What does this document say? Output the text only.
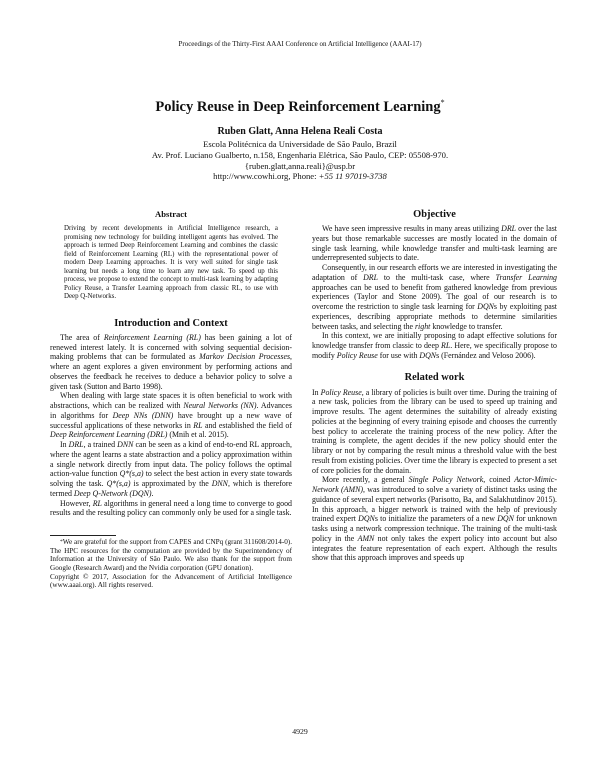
Proceedings of the Thirty-First AAAI Conference on Artificial Intelligence (AAAI-17)
Policy Reuse in Deep Reinforcement Learning*
Ruben Glatt, Anna Helena Reali Costa
Escola Politécnica da Universidade de São Paulo, Brazil
Av. Prof. Luciano Gualberto, n.158, Engenharia Elétrica, São Paulo, CEP: 05508-970.
{ruben.glatt,anna.reali}@usp.br
http://www.cowhi.org, Phone: +55 11 97019-3738
Abstract

Driving by recent developments in Artificial Intelligence research, a promising new technology for building intelligent agents has evolved. The approach is termed Deep Reinforcement Learning and combines the classic field of Reinforcement Learning (RL) with the representational power of modern Deep Learning approaches. It is very well suited for single task learning but needs a long time to learn any new task. To speed up this process, we propose to extend the concept to multi-task learning by adapting Policy Reuse, a Transfer Learning approach from classic RL, to use with Deep Q-Networks.

Introduction and Context

The area of Reinforcement Learning (RL) has been gaining a lot of renewed interest lately. It is concerned with solving sequential decision-making problems that can be formulated as Markov Decision Processes, where an agent explores a given environment by performing actions and observes the feedback he receives to deduce a behavior policy to solve a given task (Sutton and Barto 1998).

When dealing with large state spaces it is often beneficial to work with abstractions, which can be realized with Neural Networks (NN). Advances in algorithms for Deep NNs (DNN) have brought up a new wave of successful applications of these networks in RL and established the field of Deep Reinforcement Learning (DRL) (Mnih et al. 2015).

In DRL, a trained DNN can be seen as a kind of end-to-end RL approach, where the agent learns a state abstraction and a policy approximation within a single network directly from input data. The policy follows the optimal action-value function Q*(s,a) to select the best action in every state towards solving the task. Q*(s,a) is approximated by the DNN, which is therefore termed Deep Q-Network (DQN).

However, RL algorithms in general need a long time to converge to good results and the resulting policy can commonly only be used for a single task.

*We are grateful for the support from CAPES and CNPq (grant 311608/2014-0). The HPC resources for the computation are provided by the Superintendency of Information at the University of São Paulo. We also thank for the support from Google (Research Award) and the Nvidia corporation (GPU donation).

Copyright © 2017, Association for the Advancement of Artificial Intelligence (www.aaai.org). All rights reserved.

Objective

We have seen impressive results in many areas utilizing DRL over the last years but those remarkable successes are mostly located in the domain of single task learning, while knowledge transfer and multi-task learning are underrepresented subjects to date.

Consequently, in our research efforts we are interested in investigating the adaptation of DRL to the multi-task case, where Transfer Learning approaches can be used to benefit from gathered knowledge from previous experiences (Taylor and Stone 2009). The goal of our research is to overcome the restriction to single task learning for DQNs by exploiting past experiences, describing appropriate methods to determine similarities between tasks, and selecting the right knowledge to transfer.

In this context, we are initially proposing to adapt effective solutions for knowledge transfer from classic to deep RL. Here, we specifically propose to modify Policy Reuse for use with DQNs (Fernández and Veloso 2006).

Related work

In Policy Reuse, a library of policies is built over time. During the training of a new task, policies from the library can be used to speed up training and improve results. The agent determines the suitability of already existing policies at the beginning of every training episode and chooses the currently best policy to accelerate the training process of the new policy. After the training is complete, the agent decides if the new policy should enter the library or not by comparing the result minus a threshold value with the best result from existing policies. Over time the library is expected to present a set of core policies for the domain.

More recently, a general Single Policy Network, coined Actor-Mimic-Network (AMN), was introduced to solve a variety of distinct tasks using the guidance of several expert networks (Parisotto, Ba, and Salakhutdinov 2015). In this approach, a bigger network is trained with the help of previously trained expert DQNs to initialize the parameters of a new DQN for unknown tasks using a network compression technique. The training of the multi-task policy in the AMN not only takes the expert policy into account but also integrates the feature representation of each expert. Although the results show that this approach improves and speeds up

4929
